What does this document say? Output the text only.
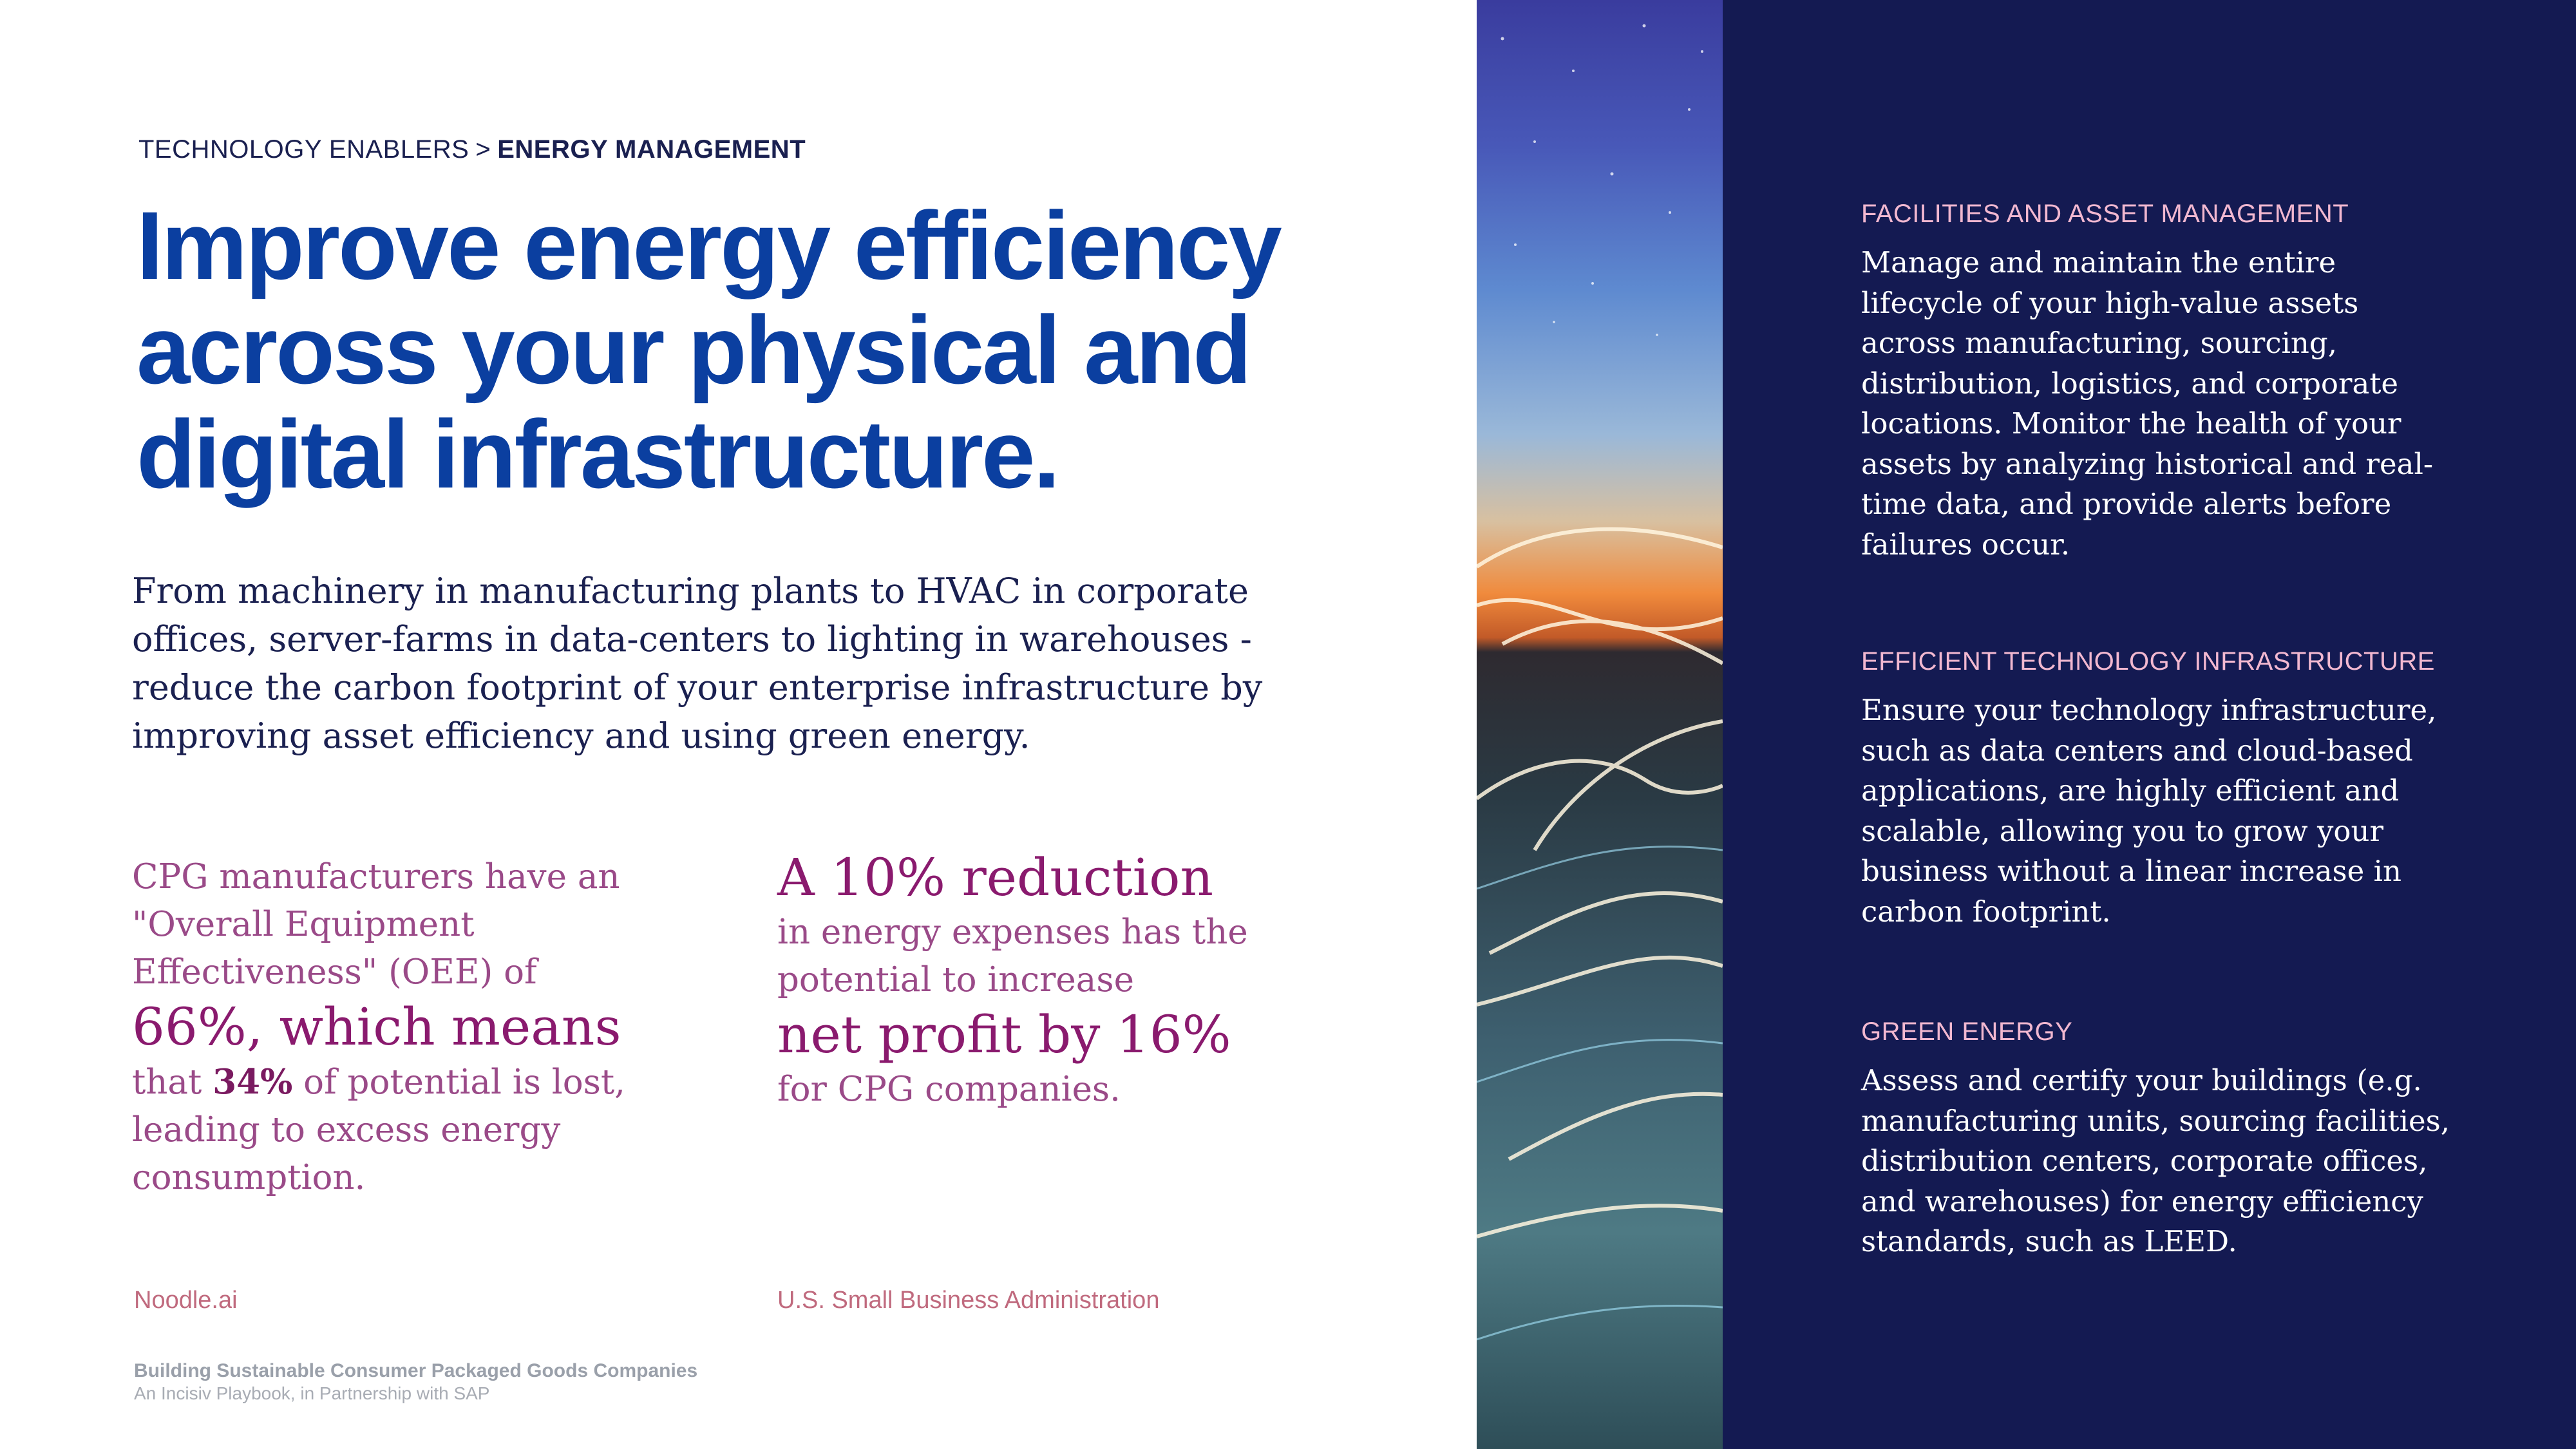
TECHNOLOGY ENABLERS > ENERGY MANAGEMENT
Improve energy efficiency
across your physical and
digital infrastructure.

From machinery in manufacturing plants to HVAC in corporate offices, server-farms in data-centers to lighting in warehouses - reduce the carbon footprint of your enterprise infrastructure by improving asset efficiency and using green energy.

CPG manufacturers have an
"Overall Equipment
Effectiveness" (OEE) of
66%, which means
that 34% of potential is lost,
leading to excess energy
consumption.
A 10% reduction
in energy expenses has the
potential to increase
net profit by 16%
for CPG companies.
Noodle.ai	U.S. Small Business Administration
Building Sustainable Consumer Packaged Goods Companies
An Incisiv Playbook, in Partnership with SAP
FACILITIES AND ASSET MANAGEMENT

Manage and maintain the entire lifecycle of your high-value assets across manufacturing, sourcing, distribution, logistics, and corporate locations. Monitor the health of your assets by analyzing historical and real-time data, and provide alerts before failures occur.

EFFICIENT TECHNOLOGY INFRASTRUCTURE

Ensure your technology infrastructure, such as data centers and cloud-based applications, are highly efficient and scalable, allowing you to grow your business without a linear increase in carbon footprint.

GREEN ENERGY

Assess and certify your buildings (e.g. manufacturing units, sourcing facilities, distribution centers, corporate offices, and warehouses) for energy efficiency standards, such as LEED.
